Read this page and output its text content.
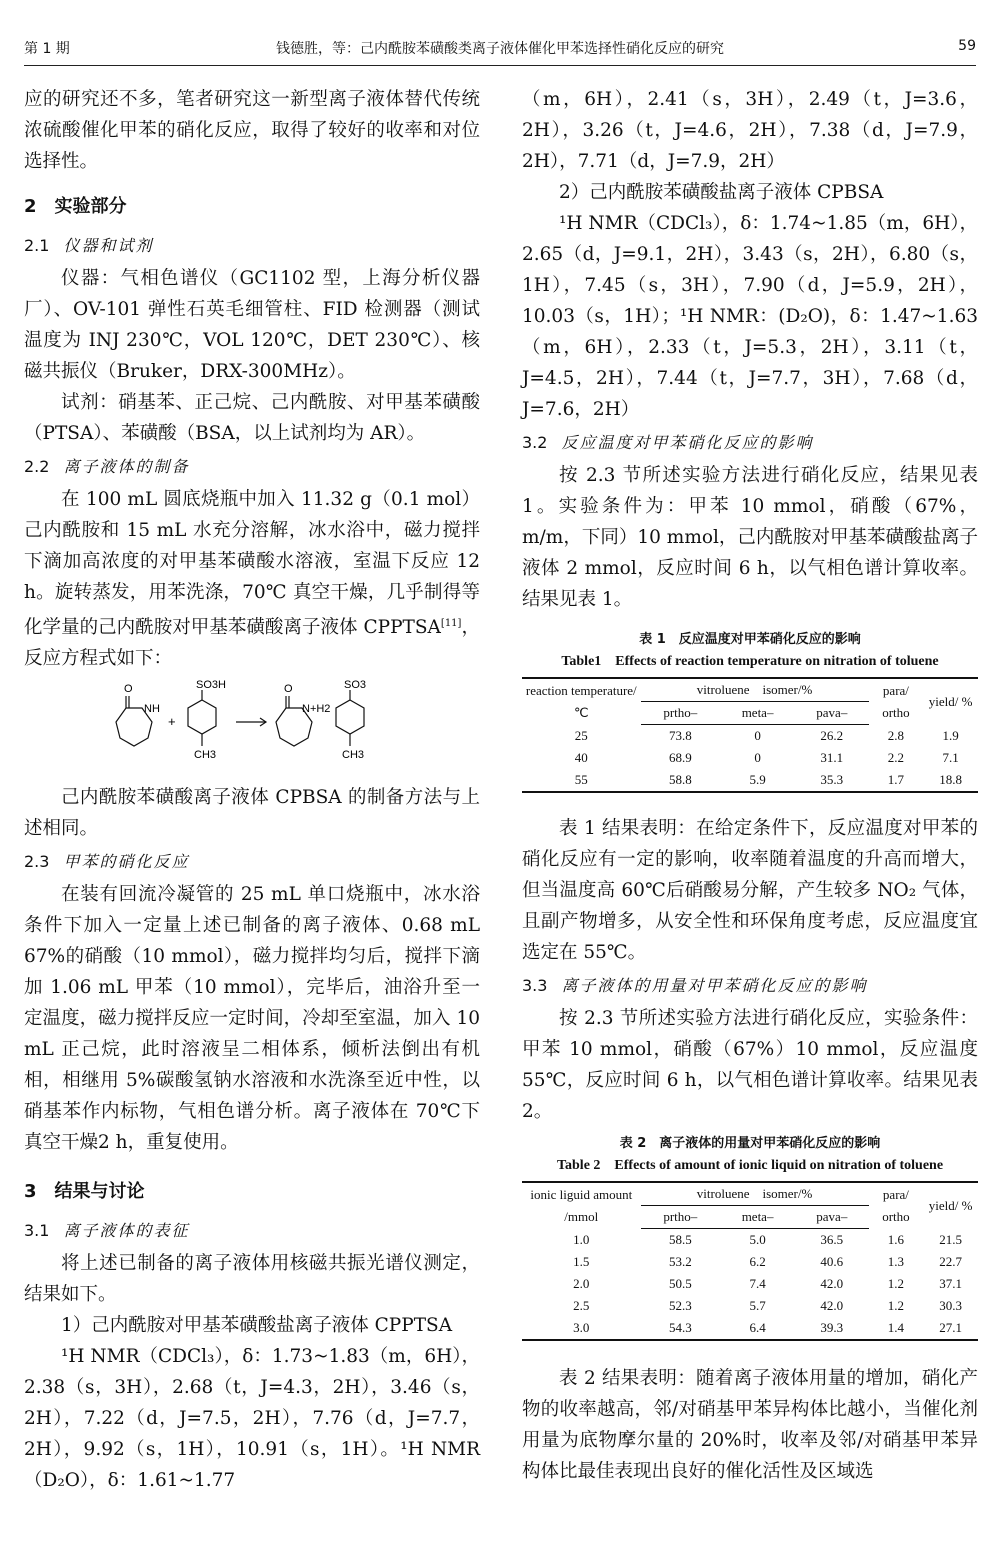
第 1 期	钱德胜，等：己内酰胺苯磺酸类离子液体催化甲苯选择性硝化反应的研究	59

应的研究还不多，笔者研究这一新型离子液体替代传统浓硫酸催化甲苯的硝化反应，取得了较好的收率和对位选择性。

2　实验部分
2.1 仪器和试剂

仪器：气相色谱仪（GC1102 型，上海分析仪器厂）、OV-101 弹性石英毛细管柱、FID 检测器（测试温度为 INJ 230℃，VOL 120℃，DET 230℃）、核磁共振仪（Bruker，DRX-300MHz）。

试剂：硝基苯、正己烷、己内酰胺、对甲基苯磺酸（PTSA）、苯磺酸（BSA，以上试剂均为 AR）。

2.2 离子液体的制备

在 100 mL 圆底烧瓶中加入 11.32 g（0.1 mol）己内酰胺和 15 mL 水充分溶解，冰水浴中，磁力搅拌下滴加高浓度的对甲基苯磺酸水溶液，室温下反应 12 h。旋转蒸发，用苯洗涤，70℃ 真空干燥，几乎制得等化学量的己内酰胺对甲基苯磺酸离子液体 CPPTSA[11]，反应方程式如下：

O
NH
+
SO3H
CH3
O
N+H2
SO3
CH3

己内酰胺苯磺酸离子液体 CPBSA 的制备方法与上述相同。

2.3 甲苯的硝化反应

在装有回流冷凝管的 25 mL 单口烧瓶中，冰水浴条件下加入一定量上述已制备的离子液体、0.68 mL 67%的硝酸（10 mmol），磁力搅拌均匀后，搅拌下滴加 1.06 mL 甲苯（10 mmol），完毕后，油浴升至一定温度，磁力搅拌反应一定时间，冷却至室温，加入 10 mL 正己烷，此时溶液呈二相体系，倾析法倒出有机相，相继用 5%碳酸氢钠水溶液和水洗涤至近中性，以硝基苯作内标物，气相色谱分析。离子液体在 70℃下真空干燥2 h，重复使用。

3　结果与讨论
3.1 离子液体的表征

将上述已制备的离子液体用核磁共振光谱仪测定，结果如下。

1）己内酰胺对甲基苯磺酸盐离子液体 CPPTSA

¹H NMR（CDCl₃），δ：1.73~1.83（m，6H），2.38（s，3H），2.68（t，J=4.3，2H），3.46（s，2H），7.22（d，J=7.5，2H），7.76（d，J=7.7，2H），9.92（s，1H），10.91（s，1H）。¹H NMR（D₂O），δ：1.61~1.77

（m，6H），2.41（s，3H），2.49（t，J=3.6，2H），3.26（t，J=4.6，2H），7.38（d，J=7.9，2H），7.71（d，J=7.9，2H）

2）己内酰胺苯磺酸盐离子液体 CPBSA

¹H NMR（CDCl₃），δ：1.74~1.85（m，6H），2.65（d，J=9.1，2H），3.43（s，2H），6.80（s，1H），7.45（s，3H），7.90（d，J=5.9，2H），10.03（s，1H）；¹H NMR：(D₂O)，δ：1.47~1.63（m，6H），2.33（t，J=5.3，2H），3.11（t，J=4.5，2H），7.44（t，J=7.7，3H），7.68（d，J=7.6，2H）

3.2 反应温度对甲苯硝化反应的影响

按 2.3 节所述实验方法进行硝化反应，结果见表 1。实验条件为：甲苯 10 mmol，硝酸（67%，m/m，下同）10 mmol，己内酰胺对甲基苯磺酸盐离子液体 2 mmol，反应时间 6 h，以气相色谱计算收率。结果见表 1。

表 1　反应温度对甲苯硝化反应的影响
Table1　Effects of reaction temperature on nitration of toluene
reaction temperature/℃	vitroluene　isomer/%			para/ ortho	yield/ %
	prtho–	meta–	pava–		
25	73.8	0	26.2	2.8	1.9
40	68.9	0	31.1	2.2	7.1
55	58.8	5.9	35.3	1.7	18.8

表 1 结果表明：在给定条件下，反应温度对甲苯的硝化反应有一定的影响，收率随着温度的升高而增大，但当温度高 60℃后硝酸易分解，产生较多 NO₂ 气体，且副产物增多，从安全性和环保角度考虑，反应温度宜选定在 55℃。

3.3 离子液体的用量对甲苯硝化反应的影响

按 2.3 节所述实验方法进行硝化反应，实验条件：甲苯 10 mmol，硝酸（67%）10 mmol，反应温度 55℃，反应时间 6 h，以气相色谱计算收率。结果见表 2。

表 2　离子液体的用量对甲苯硝化反应的影响
Table 2　Effects of amount of ionic liquid on nitration of toluene
ionic liguid amount /mmol	vitroluene　isomer/%			para/ ortho	yield/ %
	prtho–	meta–	pava–		
1.0	58.5	5.0	36.5	1.6	21.5
1.5	53.2	6.2	40.6	1.3	22.7
2.0	50.5	7.4	42.0	1.2	37.1
2.5	52.3	5.7	42.0	1.2	30.3
3.0	54.3	6.4	39.3	1.4	27.1

表 2 结果表明：随着离子液体用量的增加，硝化产物的收率越高，邻/对硝基甲苯异构体比越小，当催化剂用量为底物摩尔量的 20%时，收率及邻/对硝基甲苯异构体比最佳表现出良好的催化活性及区域选
